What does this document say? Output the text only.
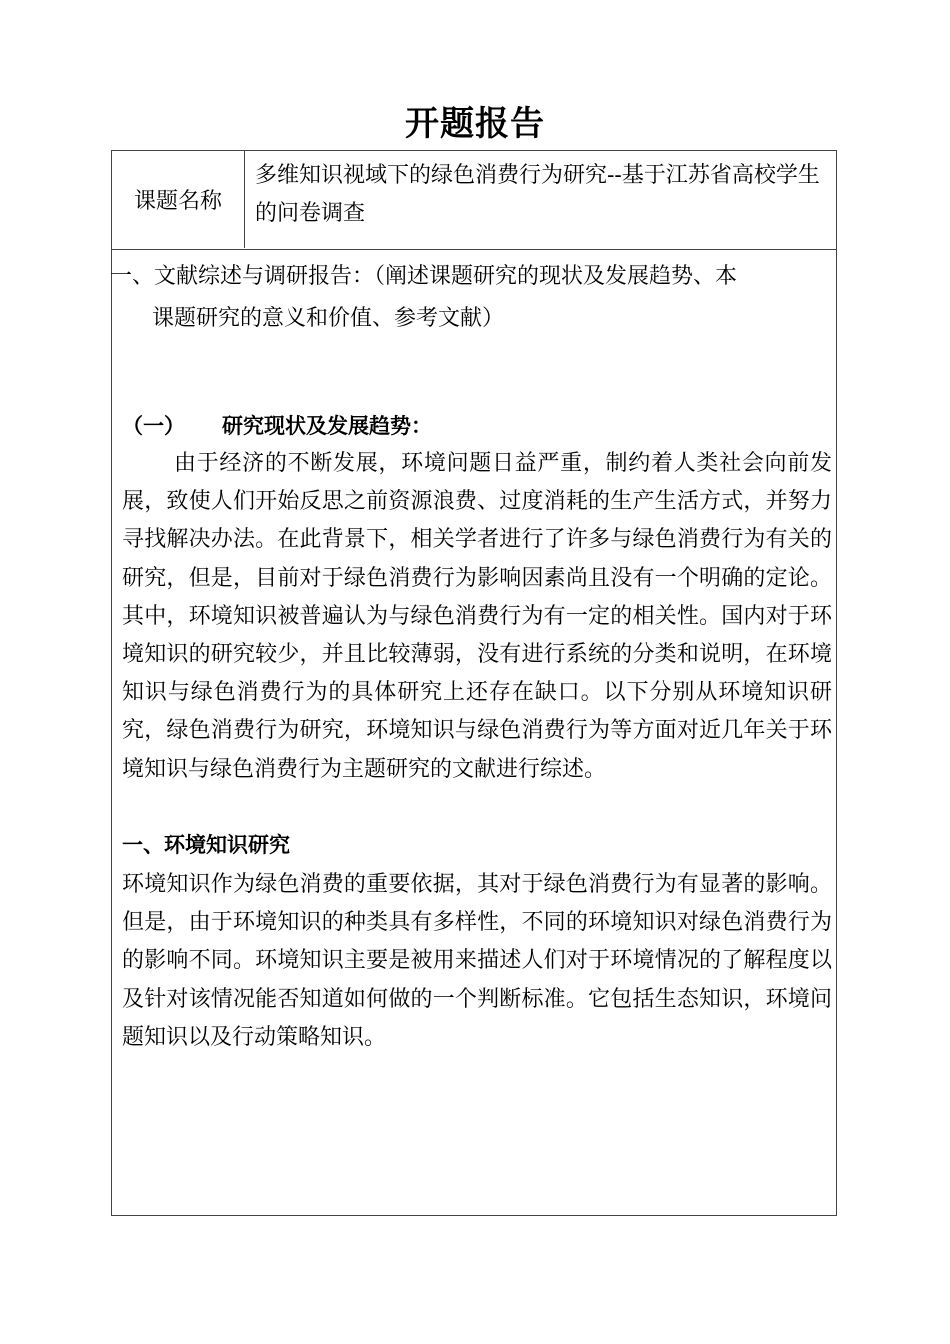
开题报告
课题名称
多维知识视域下的绿色消费行为研究--基于江苏省高校学生的问卷调查
一、文献综述与调研报告：（阐述课题研究的现状及发展趋势、本
课题研究的意义和价值、参考文献）
（一） 研究现状及发展趋势：

由于经济的不断发展，环境问题日益严重，制约着人类社会向前发展，致使人们开始反思之前资源浪费、过度消耗的生产生活方式，并努力寻找解决办法。在此背景下，相关学者进行了许多与绿色消费行为有关的研究，但是，目前对于绿色消费行为影响因素尚且没有一个明确的定论。其中，环境知识被普遍认为与绿色消费行为有一定的相关性。国内对于环境知识的研究较少，并且比较薄弱，没有进行系统的分类和说明，在环境知识与绿色消费行为的具体研究上还存在缺口。以下分别从环境知识研究，绿色消费行为研究，环境知识与绿色消费行为等方面对近几年关于环境知识与绿色消费行为主题研究的文献进行综述。

一、环境知识研究

环境知识作为绿色消费的重要依据，其对于绿色消费行为有显著的影响。但是，由于环境知识的种类具有多样性，不同的环境知识对绿色消费行为的影响不同。环境知识主要是被用来描述人们对于环境情况的了解程度以及针对该情况能否知道如何做的一个判断标准。它包括生态知识，环境问题知识以及行动策略知识。
